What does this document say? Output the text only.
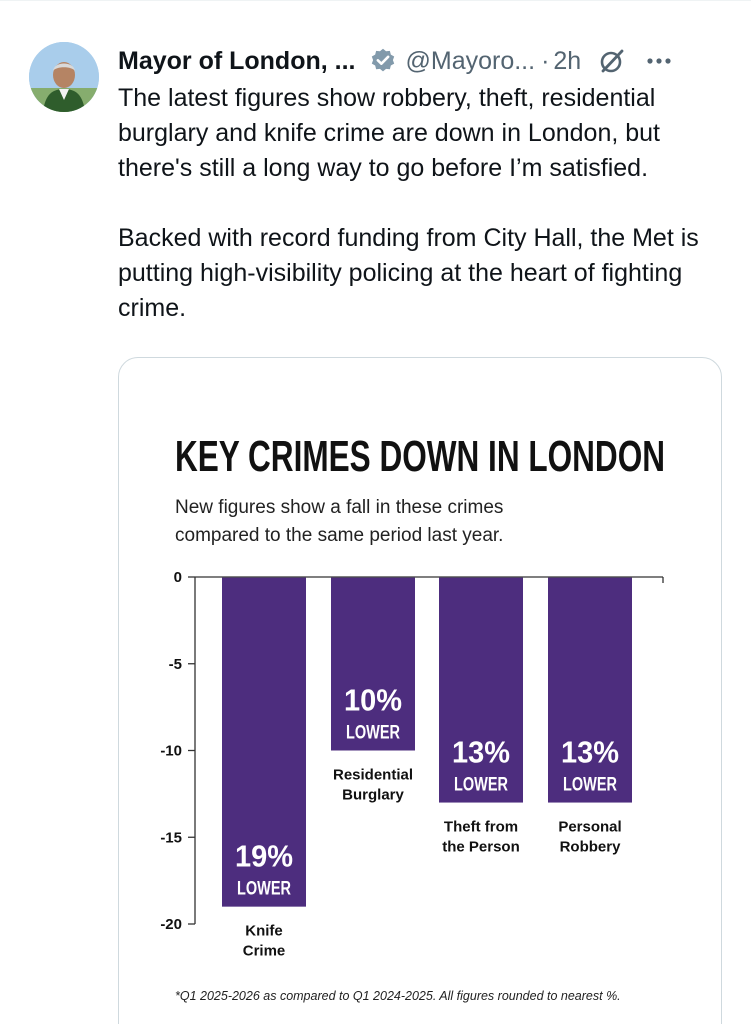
Mayor of London, ... @Mayoro... · 2h

The latest figures show robbery, theft, residential burglary and knife crime are down in London, but there's still a long way to go before I’m satisfied.

Backed with record funding from City Hall, the Met is putting high-visibility policing at the heart of fighting crime.

KEY CRIMES DOWN IN LONDON
New figures show a fall in these crimes compared to the same period last year.
0
-5
-10
-15
-20
19%
LOWER
Knife
Crime
10%
LOWER
Residential
Burglary
13%
LOWER
Theft from
the Person
13%
LOWER
Personal
Robbery
*Q1 2025-2026 as compared to Q1 2024-2025. All figures rounded to nearest %.
